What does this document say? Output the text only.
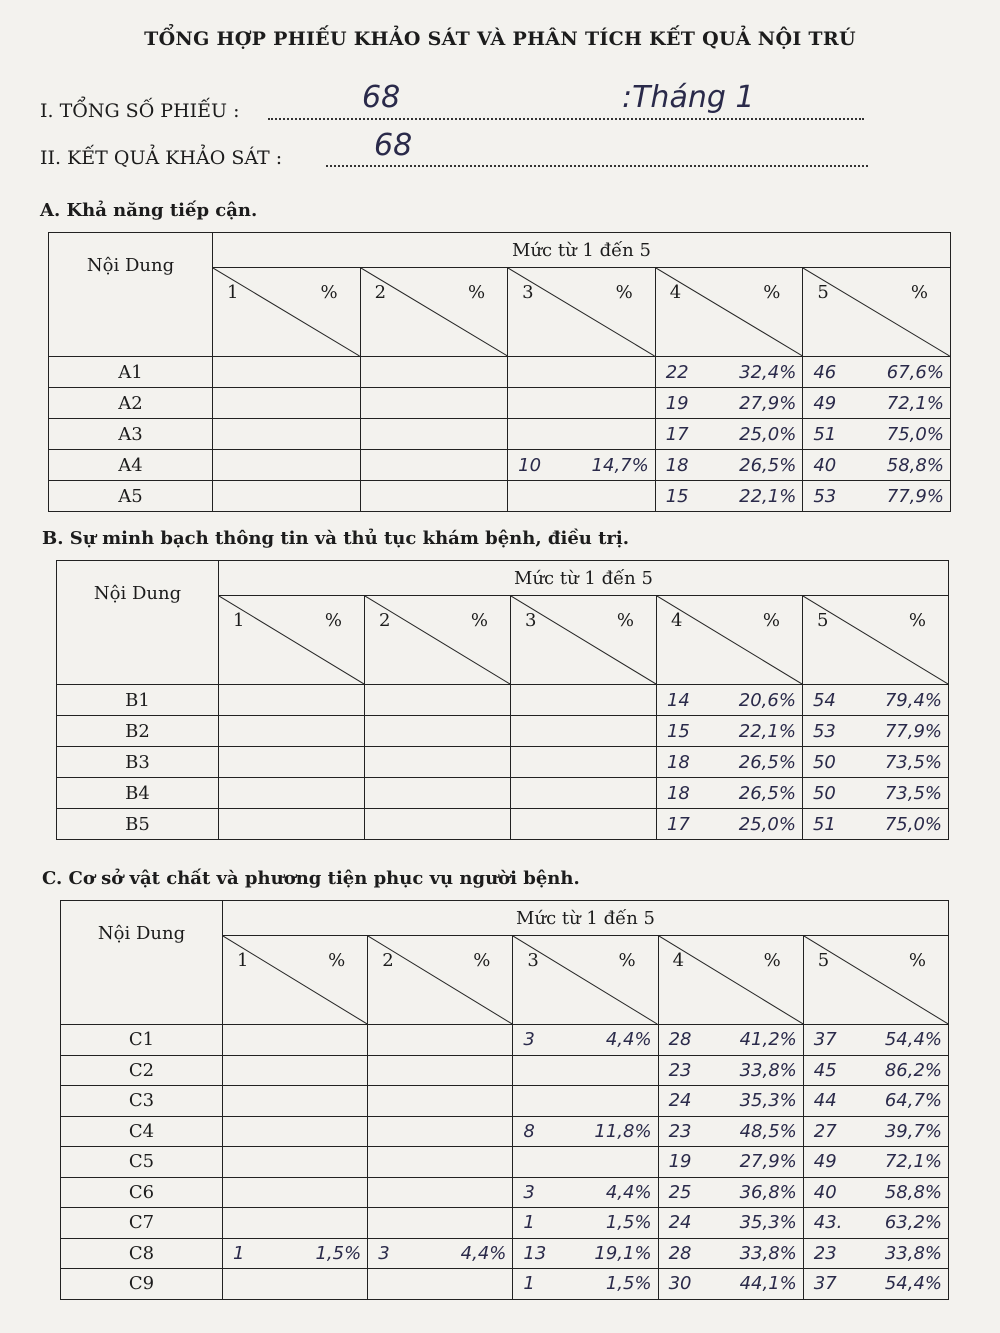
TỔNG HỢP PHIẾU KHẢO SÁT VÀ PHÂN TÍCH KẾT QUẢ NỘI TRÚ
I. TỔNG SỐ PHIẾU :	68	:Tháng 1
II. KẾT QUẢ KHẢO SÁT :	68
A. Khả năng tiếp cận.
Nội Dung	Mức từ 1 đến 5									

	1 %		2 %		3 %		4 %		5 %	

A1							22	32,4%	46	67,6%
A2							19	27,9%	49	72,1%
A3							17	25,0%	51	75,0%
A4					10	14,7%	18	26,5%	40	58,8%
A5							15	22,1%	53	77,9%
B. Sự minh bạch thông tin và thủ tục khám bệnh, điều trị.
Nội Dung	Mức từ 1 đến 5									

	1 %		2 %		3 %		4 %		5 %	

B1							14	20,6%	54	79,4%
B2							15	22,1%	53	77,9%
B3							18	26,5%	50	73,5%
B4							18	26,5%	50	73,5%
B5							17	25,0%	51	75,0%
C. Cơ sở vật chất và phương tiện phục vụ người bệnh.
Nội Dung	Mức từ 1 đến 5									

	1 %		2 %		3 %		4 %		5 %	

C1					3	4,4%	28	41,2%	37	54,4%
C2							23	33,8%	45	86,2%
C3							24	35,3%	44	64,7%
C4					8	11,8%	23	48,5%	27	39,7%
C5							19	27,9%	49	72,1%
C6					3	4,4%	25	36,8%	40	58,8%
C7					1	1,5%	24	35,3%	43.	63,2%
C8	1	1,5%	3	4,4%	13	19,1%	28	33,8%	23	33,8%
C9					1	1,5%	30	44,1%	37	54,4%
